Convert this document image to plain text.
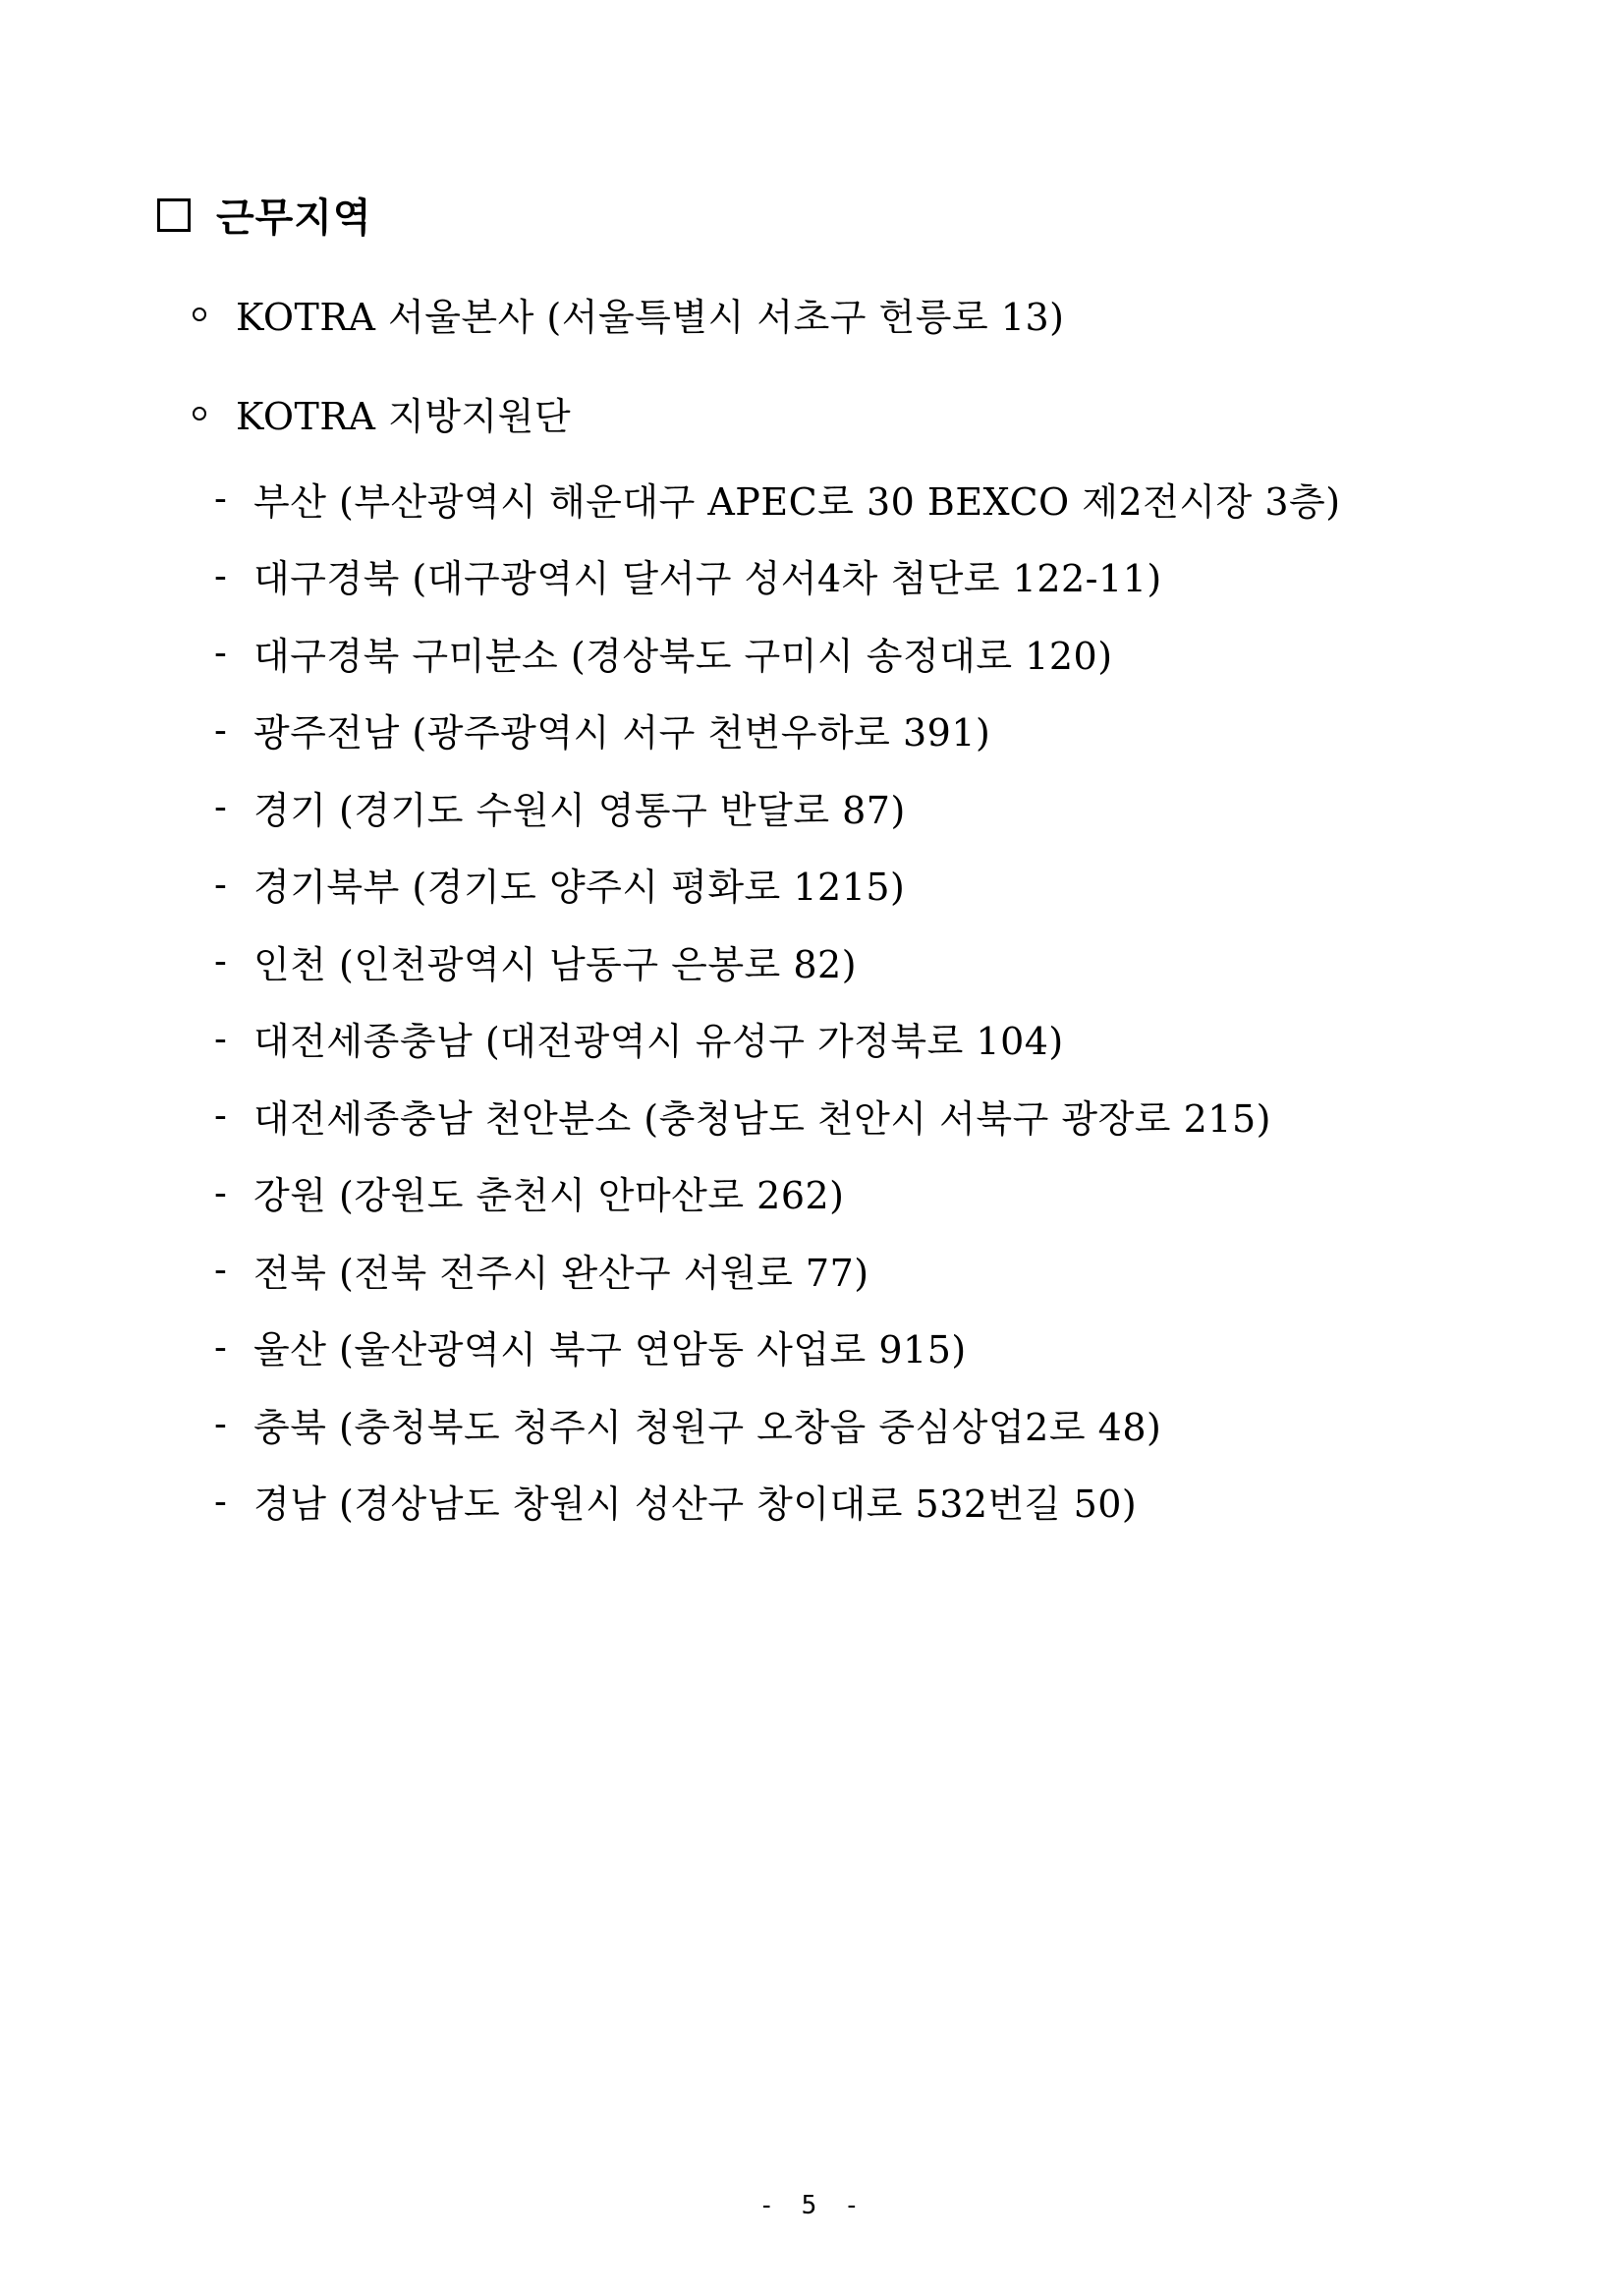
근무지역
KOTRA 서울본사 (서울특별시 서초구 헌릉로 13)
KOTRA 지방지원단
- 부산 (부산광역시 해운대구 APEC로 30 BEXCO 제2전시장 3층)
- 대구경북 (대구광역시 달서구 성서4차 첨단로 122-11)
- 대구경북 구미분소 (경상북도 구미시 송정대로 120)
- 광주전남 (광주광역시 서구 천변우하로 391)
- 경기 (경기도 수원시 영통구 반달로 87)
- 경기북부 (경기도 양주시 평화로 1215)
- 인천 (인천광역시 남동구 은봉로 82)
- 대전세종충남 (대전광역시 유성구 가정북로 104)
- 대전세종충남 천안분소 (충청남도 천안시 서북구 광장로 215)
- 강원 (강원도 춘천시 안마산로 262)
- 전북 (전북 전주시 완산구 서원로 77)
- 울산 (울산광역시 북구 연암동 사업로 915)
- 충북 (충청북도 청주시 청원구 오창읍 중심상업2로 48)
- 경남 (경상남도 창원시 성산구 창이대로 532번길 50)
- 5 -
